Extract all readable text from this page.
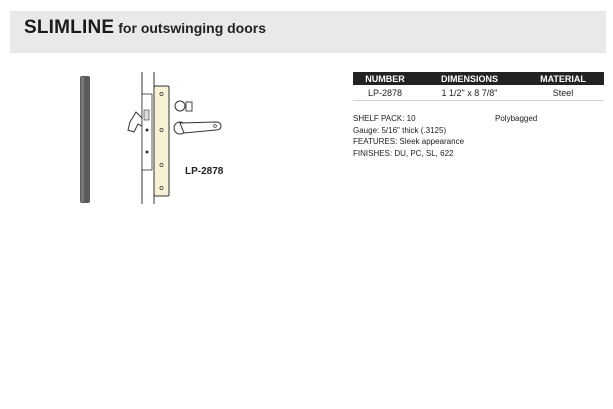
SLIMLINE for outswinging doors
LP-2878
NUMBER	DIMENSIONS	MATERIAL
LP-2878	1 1/2" x 8 7/8"	Steel
SHELF PACK: 10
Gauge: 5/16" thick (.3125)
FEATURES: Sleek appearance
FINISHES: DU, PC, SL, 622
Polybagged
